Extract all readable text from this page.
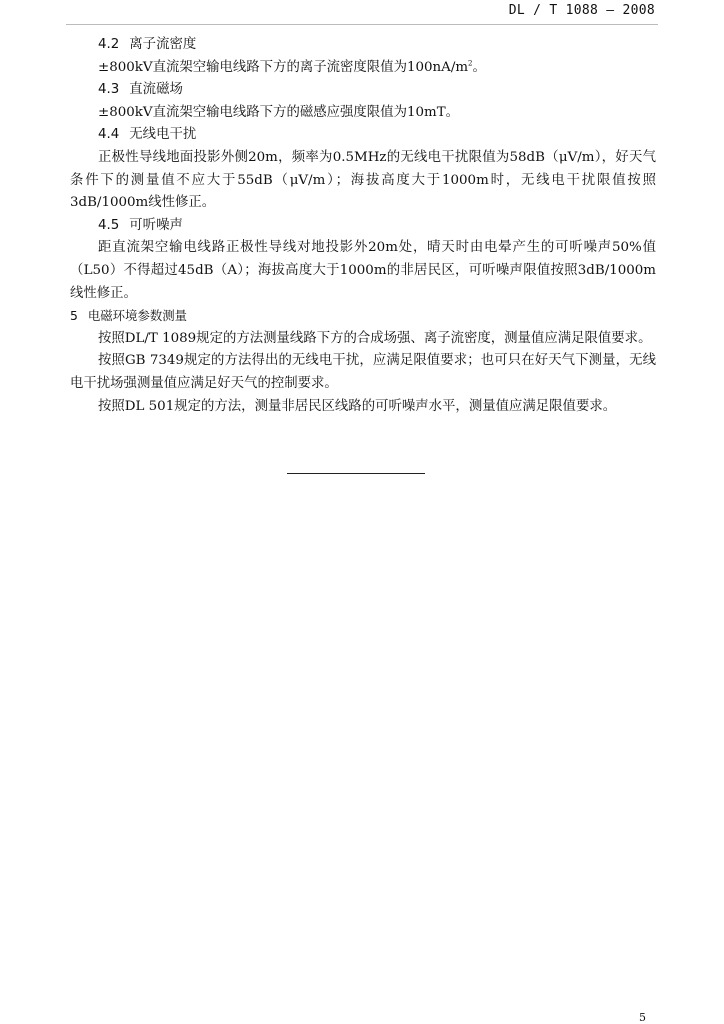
DL / T 1088 — 2008

4.2 离子流密度

±800kV直流架空输电线路下方的离子流密度限值为$100nA/m^2$。

4.3 直流磁场

±800kV直流架空输电线路下方的磁感应强度限值为10mT。

4.4 无线电干扰

正极性导线地面投影外侧20m，频率为0.5MHz的无线电干扰限值为58dB（μV/m），好天气条件下的测量值不应大于55dB（μV/m）；海拔高度大于1000m时，无线电干扰限值按照3dB/1000m线性修正。

4.5 可听噪声

距直流架空输电线路正极性导线对地投影外20m处，晴天时由电晕产生的可听噪声50%值（L50）不得超过45dB（A）；海拔高度大于1000m的非居民区，可听噪声限值按照3dB/1000m线性修正。

5 电磁环境参数测量

按照DL/T 1089规定的方法测量线路下方的合成场强、离子流密度，测量值应满足限值要求。

按照GB 7349规定的方法得出的无线电干扰，应满足限值要求；也可只在好天气下测量，无线电干扰场强测量值应满足好天气的控制要求。

按照DL 501规定的方法，测量非居民区线路的可听噪声水平，测量值应满足限值要求。

5
